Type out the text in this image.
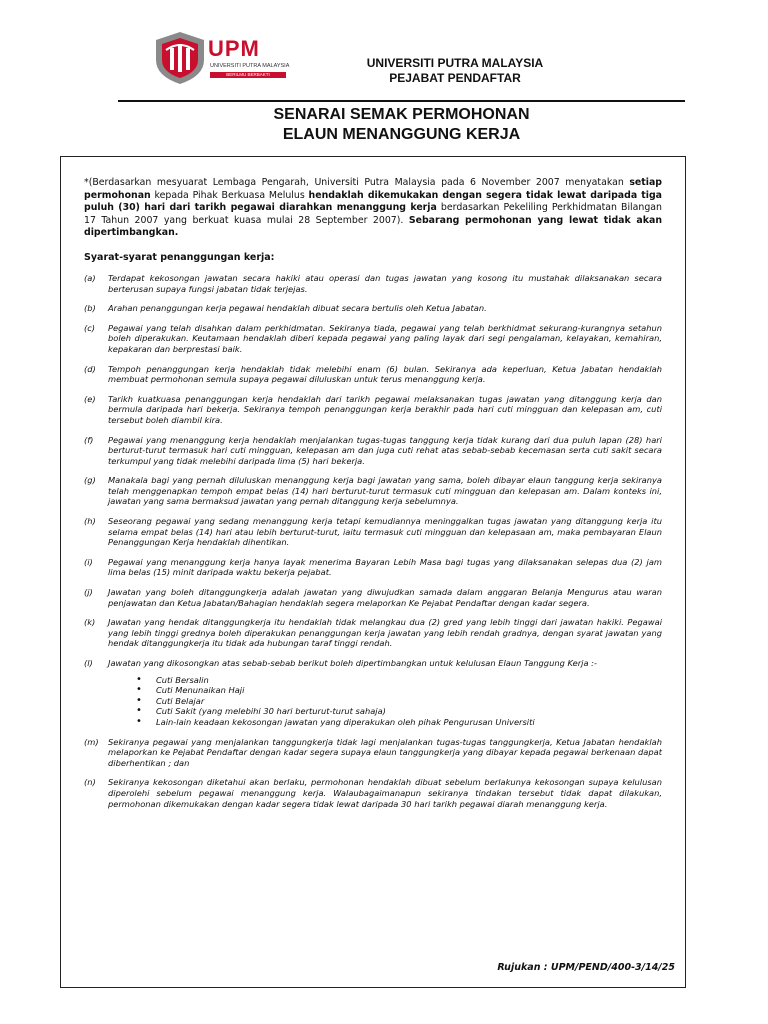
UPM
UNIVERSITI PUTRA MALAYSIA
BERILMU BERBAKTI
UNIVERSITI PUTRA MALAYSIA
PEJABAT PENDAFTAR
SENARAI SEMAK PERMOHONAN
ELAUN MENANGGUNG KERJA
*(Berdasarkan mesyuarat Lembaga Pengarah, Universiti Putra Malaysia pada 6 November 2007 menyatakan setiap permohonan kepada Pihak Berkuasa Melulus hendaklah dikemukakan dengan segera tidak lewat daripada tiga puluh (30) hari dari tarikh pegawai diarahkan menanggung kerja berdasarkan Pekeliling Perkhidmatan Bilangan 17 Tahun 2007 yang berkuat kuasa mulai 28 September 2007). Sebarang permohonan yang lewat tidak akan dipertimbangkan.
Syarat-syarat penanggungan kerja:
(a)	Terdapat kekosongan jawatan secara hakiki atau operasi dan tugas jawatan yang kosong itu mustahak dilaksanakan secara berterusan supaya fungsi jabatan tidak terjejas.
(b)	Arahan penanggungan kerja pegawai hendaklah dibuat secara bertulis oleh Ketua Jabatan.
(c)	Pegawai yang telah disahkan dalam perkhidmatan. Sekiranya tiada, pegawai yang telah berkhidmat sekurang-kurangnya setahun boleh diperakukan. Keutamaan hendaklah diberi kepada pegawai yang paling layak dari segi pengalaman, kelayakan, kemahiran, kepakaran dan berprestasi baik.
(d)	Tempoh penanggungan kerja hendaklah tidak melebihi enam (6) bulan. Sekiranya ada keperluan, Ketua Jabatan hendaklah membuat permohonan semula supaya pegawai diluluskan untuk terus menanggung kerja.
(e)	Tarikh kuatkuasa penanggungan kerja hendaklah dari tarikh pegawai melaksanakan tugas jawatan yang ditanggung kerja dan bermula daripada hari bekerja. Sekiranya tempoh penanggungan kerja berakhir pada hari cuti mingguan dan kelepasan am, cuti tersebut boleh diambil kira.
(f)	Pegawai yang menanggung kerja hendaklah menjalankan tugas-tugas tanggung kerja tidak kurang dari dua puluh lapan (28) hari berturut-turut termasuk hari cuti mingguan, kelepasan am dan juga cuti rehat atas sebab-sebab kecemasan serta cuti sakit secara terkumpul yang tidak melebihi daripada lima (5) hari bekerja.
(g)	Manakala bagi yang pernah diluluskan menanggung kerja bagi jawatan yang sama, boleh dibayar elaun tanggung kerja sekiranya telah menggenapkan tempoh empat belas (14) hari berturut-turut termasuk cuti mingguan dan kelepasan am. Dalam konteks ini, jawatan yang sama bermaksud jawatan yang pernah ditanggung kerja sebelumnya.
(h)	Seseorang pegawai yang sedang menanggung kerja tetapi kemudiannya meninggalkan tugas jawatan yang ditanggung kerja itu selama empat belas (14) hari atau lebih berturut-turut, iaitu termasuk cuti mingguan dan kelepasaan am, maka pembayaran Elaun Penanggungan Kerja hendaklah dihentikan.
(i)	Pegawai yang menanggung kerja hanya layak menerima Bayaran Lebih Masa bagi tugas yang dilaksanakan selepas dua (2) jam lima belas (15) minit daripada waktu bekerja pejabat.
(j)	Jawatan yang boleh ditanggungkerja adalah jawatan yang diwujudkan samada dalam anggaran Belanja Mengurus atau waran penjawatan dan Ketua Jabatan/Bahagian hendaklah segera melaporkan Ke Pejabat Pendaftar dengan kadar segera.
(k)	Jawatan yang hendak ditanggungkerja itu hendaklah tidak melangkau dua (2) gred yang lebih tinggi dari jawatan hakiki. Pegawai yang lebih tinggi grednya boleh diperakukan penanggungan kerja jawatan yang lebih rendah gradnya, dengan syarat jawatan yang hendak ditanggungkerja itu tidak ada hubungan taraf tinggi rendah.
(l)	Jawatan yang dikosongkan atas sebab-sebab berikut boleh dipertimbangkan untuk kelulusan Elaun Tanggung Kerja :-
• Cuti Bersalin
• Cuti Menunaikan Haji
• Cuti Belajar
• Cuti Sakit (yang melebihi 30 hari berturut-turut sahaja)
• Lain-lain keadaan kekosongan jawatan yang diperakukan oleh pihak Pengurusan Universiti
(m)	Sekiranya pegawai yang menjalankan tanggungkerja tidak lagi menjalankan tugas-tugas tanggungkerja, Ketua Jabatan hendaklah melaporkan ke Pejabat Pendaftar dengan kadar segera supaya elaun tanggungkerja yang dibayar kepada pegawai berkenaan dapat diberhentikan ; dan
(n)	Sekiranya kekosongan diketahui akan berlaku, permohonan hendaklah dibuat sebelum berlakunya kekosongan supaya kelulusan diperolehi sebelum pegawai menanggung kerja. Walaubagaimanapun sekiranya tindakan tersebut tidak dapat dilakukan, permohonan dikemukakan dengan kadar segera tidak lewat daripada 30 hari tarikh pegawai diarah menanggung kerja.
Rujukan : UPM/PEND/400-3/14/25
